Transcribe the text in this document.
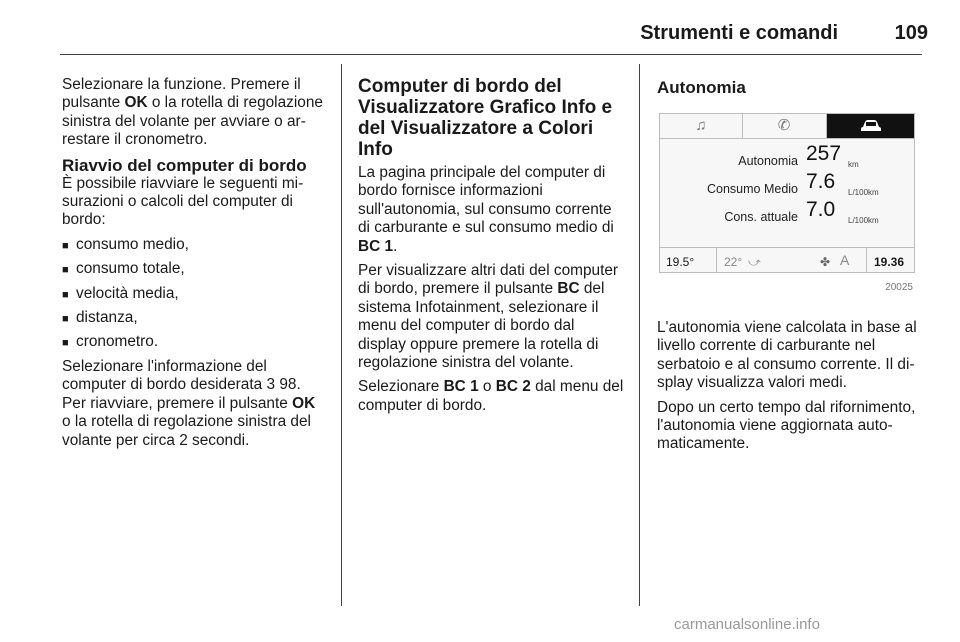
Strumenti e comandi	109

Selezionare la funzione. Premere il pulsante OK o la rotella di regolazione sinistra del volante per avviare o arrestare il cronometro.

Riavvio del computer di bordo

È possibile riavviare le seguenti misurazioni o calcoli del computer di bordo:

■ consumo medio,
■ consumo totale,
■ velocità media,
■ distanza,
■ cronometro.

Selezionare l'informazione del computer di bordo desiderata 3 98.

Per riavviare, premere il pulsante OK o la rotella di regolazione sinistra del volante per circa 2 secondi.

Computer di bordo del Visualizzatore Grafico Info e del Visualizzatore a Colori Info

La pagina principale del computer di bordo fornisce informazioni sull'autonomia, sul consumo corrente di carburante e sul consumo medio di BC 1.

Per visualizzare altri dati del computer di bordo, premere il pulsante BC del sistema Infotainment, selezionare il menu del computer di bordo dal display oppure premere la rotella di regolazione sinistra del volante.

Selezionare BC 1 o BC 2 dal menu del computer di bordo.

Autonomia
♫	✆
Autonomia 257 km
Consumo Medio 7.6 L/100km
Cons. attuale 7.0 L/100km
19.5° 22° ⤻	✤ A 19.36
20025

L'autonomia viene calcolata in base al livello corrente di carburante nel serbatoio e al consumo corrente. Il display visualizza valori medi.

Dopo un certo tempo dal rifornimento, l'autonomia viene aggiornata automaticamente.

carmanualsonline.info
